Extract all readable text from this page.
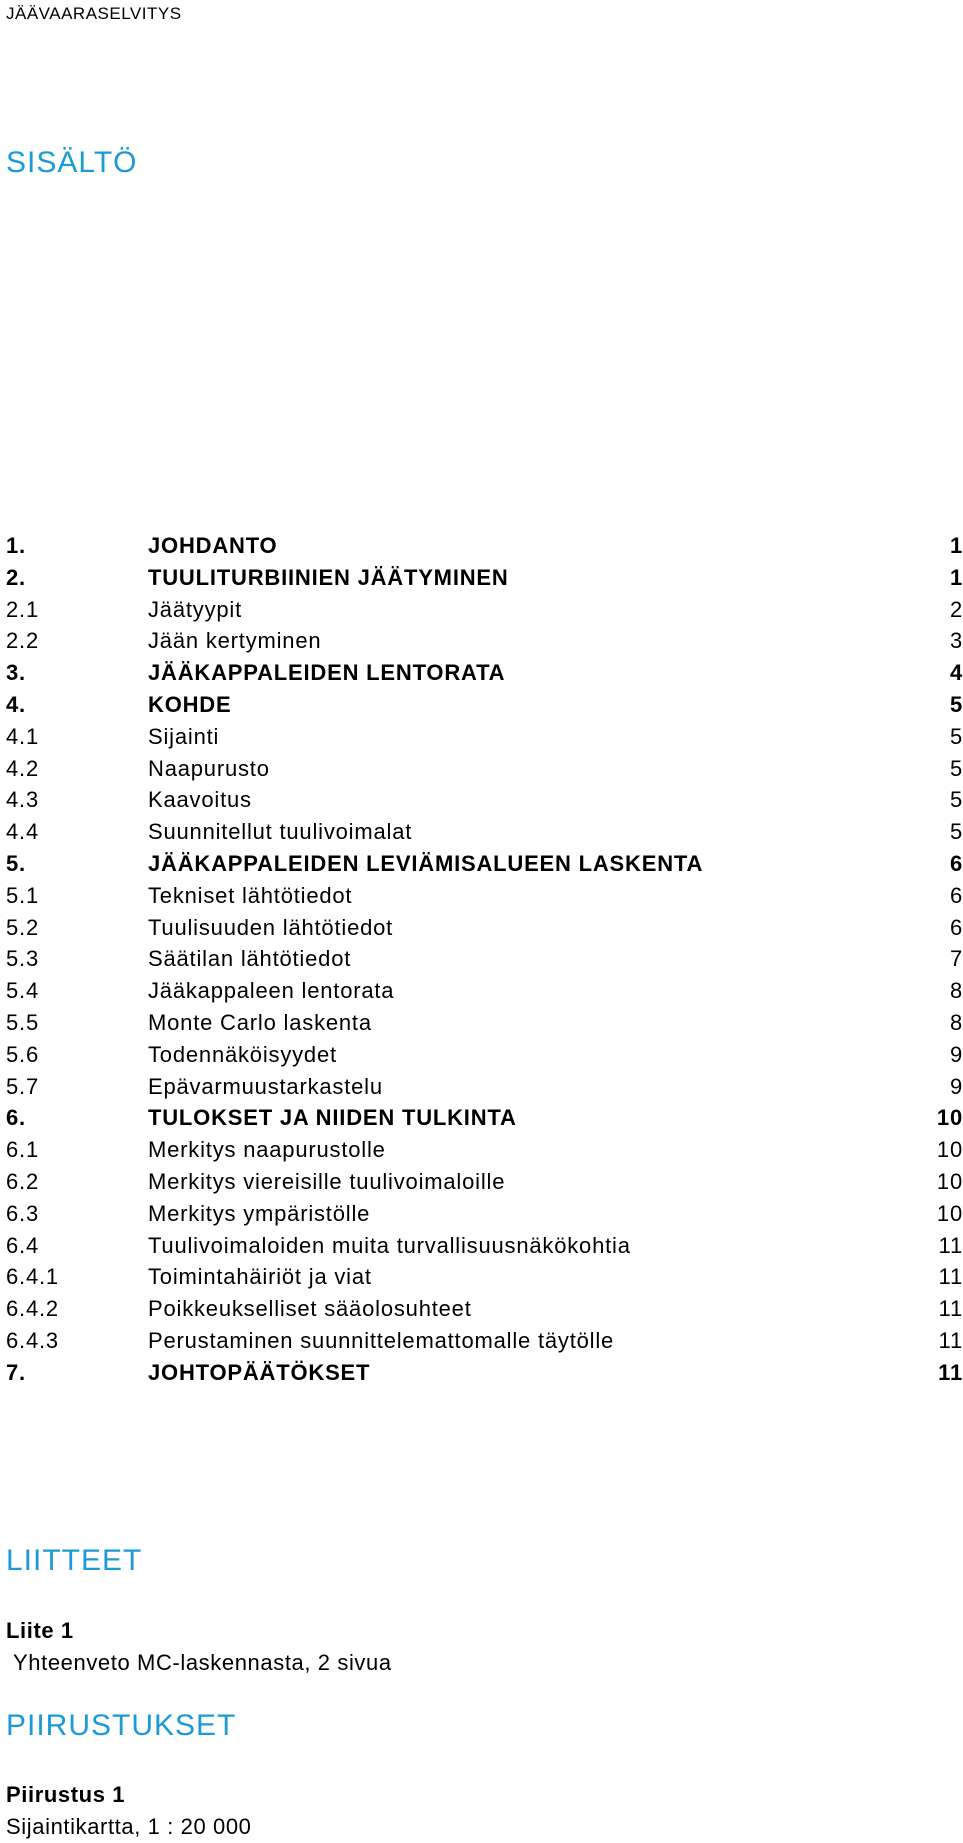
JÄÄVAARASELVITYS
SISÄLTÖ
1.	JOHDANTO	1
2.	TUULITURBIINIEN JÄÄTYMINEN	1
2.1	Jäätyypit	2
2.2	Jään kertyminen	3
3.	JÄÄKAPPALEIDEN LENTORATA	4
4.	KOHDE	5
4.1	Sijainti	5
4.2	Naapurusto	5
4.3	Kaavoitus	5
4.4	Suunnitellut tuulivoimalat	5
5.	JÄÄKAPPALEIDEN LEVIÄMISALUEEN LASKENTA	6
5.1	Tekniset lähtötiedot	6
5.2	Tuulisuuden lähtötiedot	6
5.3	Säätilan lähtötiedot	7
5.4	Jääkappaleen lentorata	8
5.5	Monte Carlo laskenta	8
5.6	Todennäköisyydet	9
5.7	Epävarmuustarkastelu	9
6.	TULOKSET JA NIIDEN TULKINTA	10
6.1	Merkitys naapurustolle	10
6.2	Merkitys viereisille tuulivoimaloille	10
6.3	Merkitys ympäristölle	10
6.4	Tuulivoimaloiden muita turvallisuusnäkökohtia	11
6.4.1	Toimintahäiriöt ja viat	11
6.4.2	Poikkeukselliset sääolosuhteet	11
6.4.3	Perustaminen suunnittelemattomalle täytölle	11
7.	JOHTOPÄÄTÖKSET	11
LIITTEET
Liite 1
Yhteenveto MC-laskennasta, 2 sivua
PIIRUSTUKSET
Piirustus 1
Sijaintikartta, 1 : 20 000
